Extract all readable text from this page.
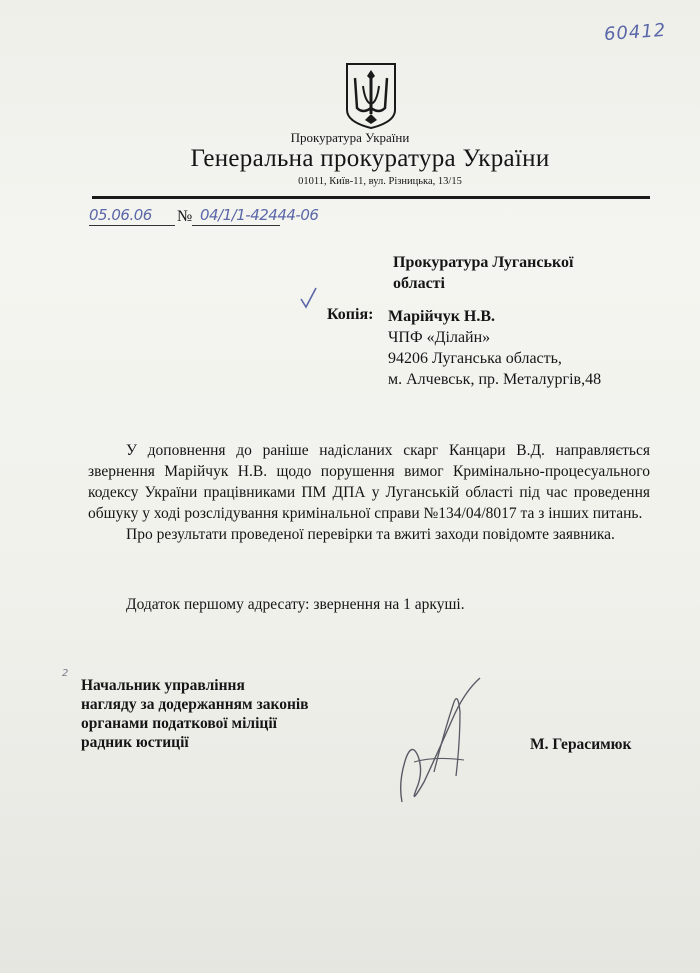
60412
Прокуратура України
Генеральна прокуратура України
01011, Київ-11, вул. Різницька, 13/15
05.06.06 № 04/1/1-42444-06
Прокуратура Луганської
області
Копія: Марійчук Н.В.
ЧПФ «Ділайн»
94206 Луганська область,
м. Алчевськ, пр. Металургів,48

У доповнення до раніше надісланих скарг Канцари В.Д. направляється звернення Марійчук Н.В. щодо порушення вимог Кримінально-процесуального кодексу України працівниками ПМ ДПА у Луганській області під час проведення обшуку у ході розслідування кримінальної справи №134/04/8017 та з інших питань.

Про результати проведеної перевірки та вжиті заходи повідомте заявника.

Додаток першому адресату: звернення на 1 аркуші.
2
Начальник управління
нагляду за додержанням законів
органами податкової міліції
радник юстиції	М. Герасимюк
